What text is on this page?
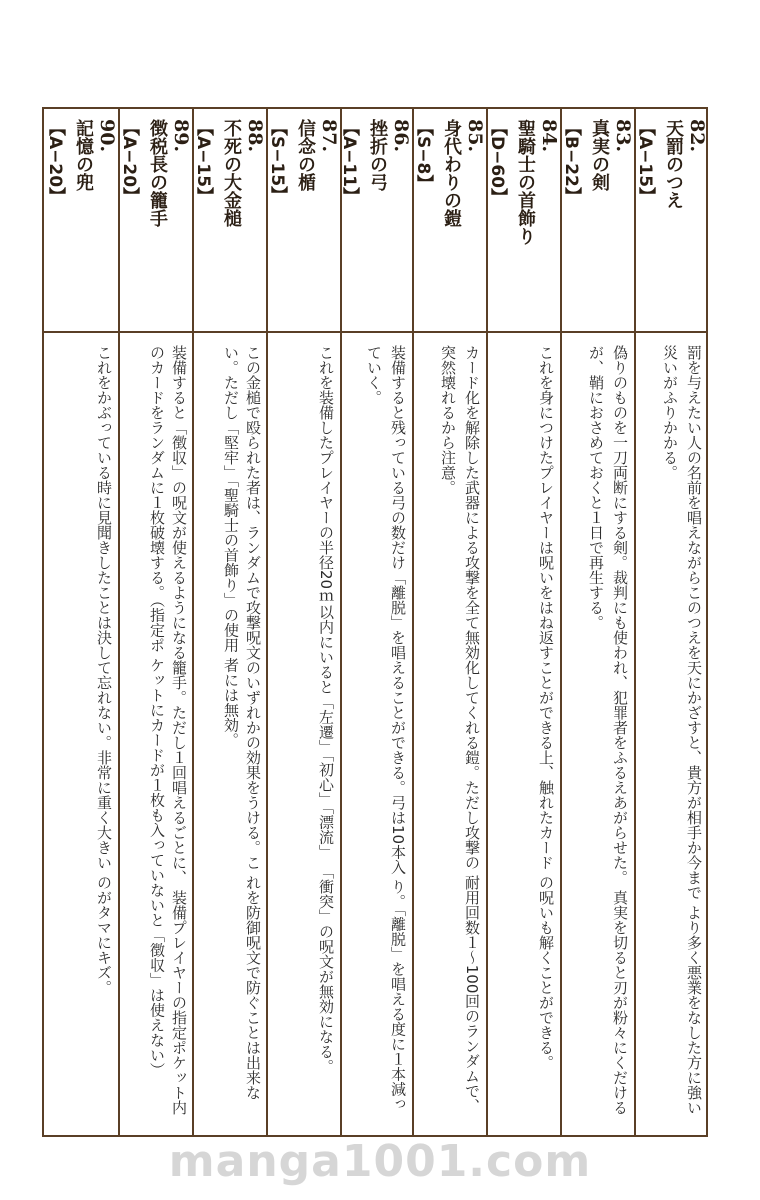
82.
天罰のつえ
【A−15】
罰を与えたい人の名前を唱えながらこのつえを天にかざすと、貴方が相手か今まで より多く悪業をなした方に強い災いがふりかかる。
83.
真実の剣
【B−22】
偽りのものを一刀両断にする剣。裁判にも使われ、犯罪者をふるえあがらせた。 真実を切ると刃が粉々にくだけるが、鞘におさめておくと１日で再生する。
84.
聖騎士の首飾り
【D−60】
これを身につけたプレイヤーは呪いをはね返すことができる上、触れたカード の呪いも解くことができる。
85.
身代わりの鎧
【S−8】
カード化を解除した武器による攻撃を全て無効化してくれる鎧。ただし攻撃の 耐用回数１～100回のランダムで、突然壊れるから注意。
86.
挫折の弓
【A−11】
装備すると残っている弓の数だけ「離脱」を唱えることができる。弓は10本入 り。「離脱」を唱える度に１本減っていく。
87.
信念の楯
【S−15】
これを装備したプレイヤーの半径20ｍ以内にいると「左遷」「初心」「漂流」 「衝突」の呪文が無効になる。
88.
不死の大金槌
【A−15】
この金槌で殴られた者は、ランダムで攻撃呪文のいずれかの効果をうける。こ れを防御呪文で防ぐことは出来ない。ただし「堅牢」「聖騎士の首飾り」の使用 者には無効。
89.
徴税長の籠手
【A−20】
装備すると「徴収」の呪文が使えるようになる籠手。ただし１回唱えるごとに、 装備プレイヤーの指定ポケット内のカードをランダムに１枚破壊する。（指定ポ ケットにカードが１枚も入っていないと「徴収」は使えない）
90.
記憶の兜
【A−20】
これをかぶっている時に見聞きしたことは決して忘れない。非常に重く大きい のがタマにキズ。
manga1001.com
